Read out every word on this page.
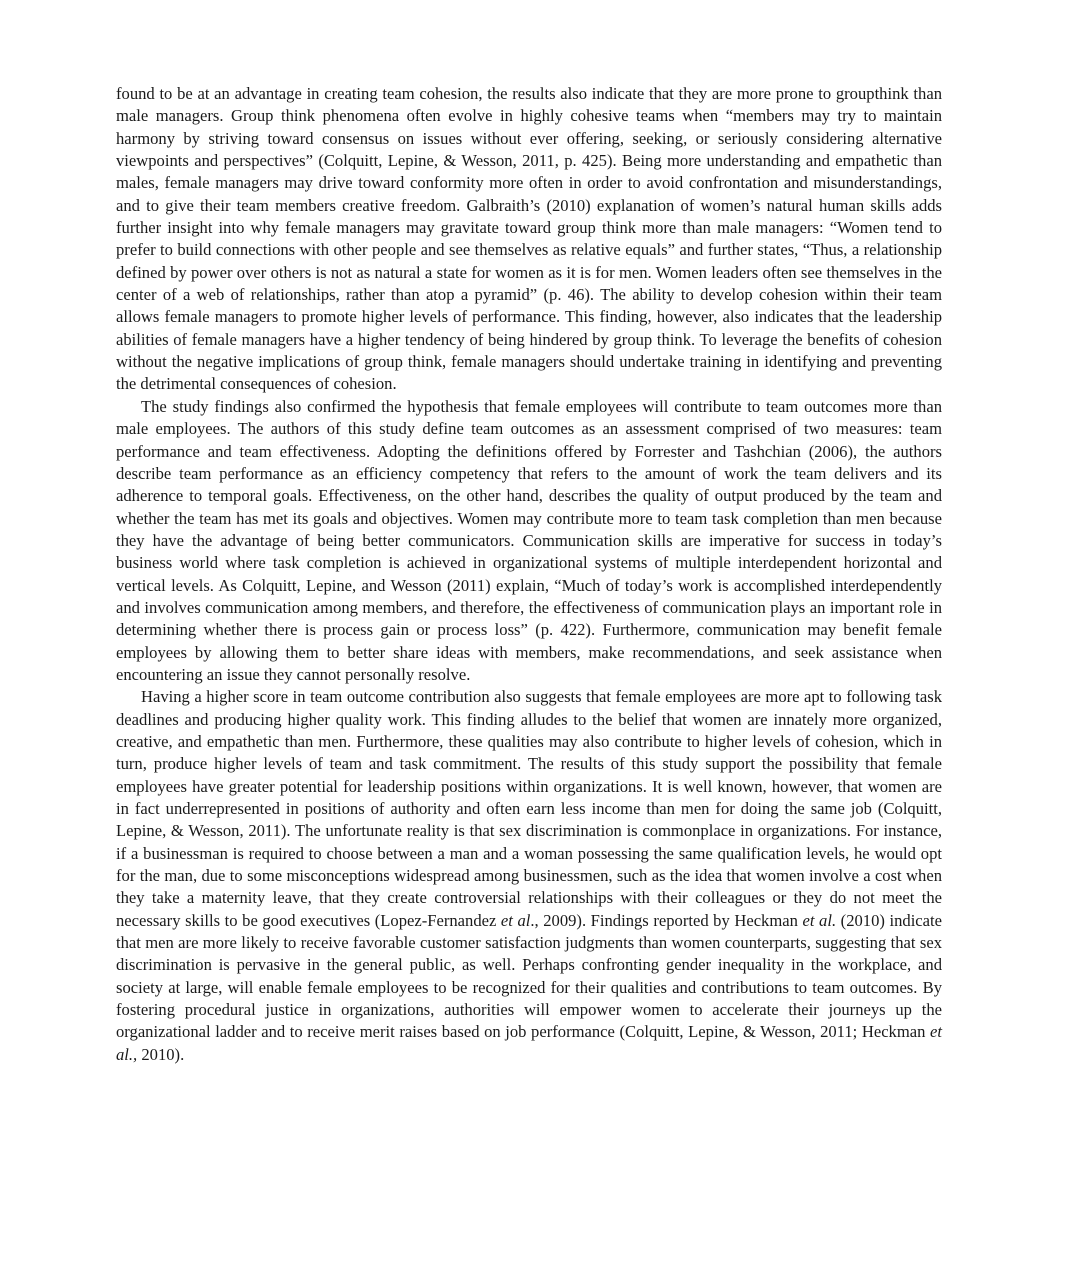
found to be at an advantage in creating team cohesion, the results also indicate that they are more prone to groupthink than male managers. Group think phenomena often evolve in highly cohesive teams when “members may try to maintain harmony by striving toward consensus on issues without ever offering, seeking, or seriously considering alternative viewpoints and perspectives” (Colquitt, Lepine, & Wesson, 2011, p. 425). Being more understanding and empathetic than males, female managers may drive toward conformity more often in order to avoid confrontation and misunderstandings, and to give their team members creative freedom. Galbraith’s (2010) explanation of women’s natural human skills adds further insight into why female managers may gravitate toward group think more than male managers: “Women tend to prefer to build connections with other people and see themselves as relative equals” and further states, “Thus, a relationship defined by power over others is not as natural a state for women as it is for men. Women leaders often see themselves in the center of a web of relationships, rather than atop a pyramid” (p. 46). The ability to develop cohesion within their team allows female managers to promote higher levels of performance. This finding, however, also indicates that the leadership abilities of female managers have a higher tendency of being hindered by group think. To leverage the benefits of cohesion without the negative implications of group think, female managers should undertake training in identifying and preventing the detrimental consequences of cohesion.

The study findings also confirmed the hypothesis that female employees will contribute to team outcomes more than male employees. The authors of this study define team outcomes as an assessment comprised of two measures: team performance and team effectiveness. Adopting the definitions offered by Forrester and Tashchian (2006), the authors describe team performance as an efficiency competency that refers to the amount of work the team delivers and its adherence to temporal goals. Effectiveness, on the other hand, describes the quality of output produced by the team and whether the team has met its goals and objectives. Women may contribute more to team task completion than men because they have the advantage of being better communicators. Communication skills are imperative for success in today’s business world where task completion is achieved in organizational systems of multiple interdependent horizontal and vertical levels. As Colquitt, Lepine, and Wesson (2011) explain, “Much of today’s work is accomplished interdependently and involves communication among members, and therefore, the effectiveness of communication plays an important role in determining whether there is process gain or process loss” (p. 422). Furthermore, communication may benefit female employees by allowing them to better share ideas with members, make recommendations, and seek assistance when encountering an issue they cannot personally resolve.

Having a higher score in team outcome contribution also suggests that female employees are more apt to following task deadlines and producing higher quality work. This finding alludes to the belief that women are innately more organized, creative, and empathetic than men. Furthermore, these qualities may also contribute to higher levels of cohesion, which in turn, produce higher levels of team and task commitment. The results of this study support the possibility that female employees have greater potential for leadership positions within organizations. It is well known, however, that women are in fact underrepresented in positions of authority and often earn less income than men for doing the same job (Colquitt, Lepine, & Wesson, 2011). The unfortunate reality is that sex discrimination is commonplace in organizations. For instance, if a businessman is required to choose between a man and a woman possessing the same qualification levels, he would opt for the man, due to some misconceptions widespread among businessmen, such as the idea that women involve a cost when they take a maternity leave, that they create controversial relationships with their colleagues or they do not meet the necessary skills to be good executives (Lopez-Fernandez et al., 2009). Findings reported by Heckman et al. (2010) indicate that men are more likely to receive favorable customer satisfaction judgments than women counterparts, suggesting that sex discrimination is pervasive in the general public, as well. Perhaps confronting gender inequality in the workplace, and society at large, will enable female employees to be recognized for their qualities and contributions to team outcomes. By fostering procedural justice in organizations, authorities will empower women to accelerate their journeys up the organizational ladder and to receive merit raises based on job performance (Colquitt, Lepine, & Wesson, 2011; Heckman et al., 2010).
